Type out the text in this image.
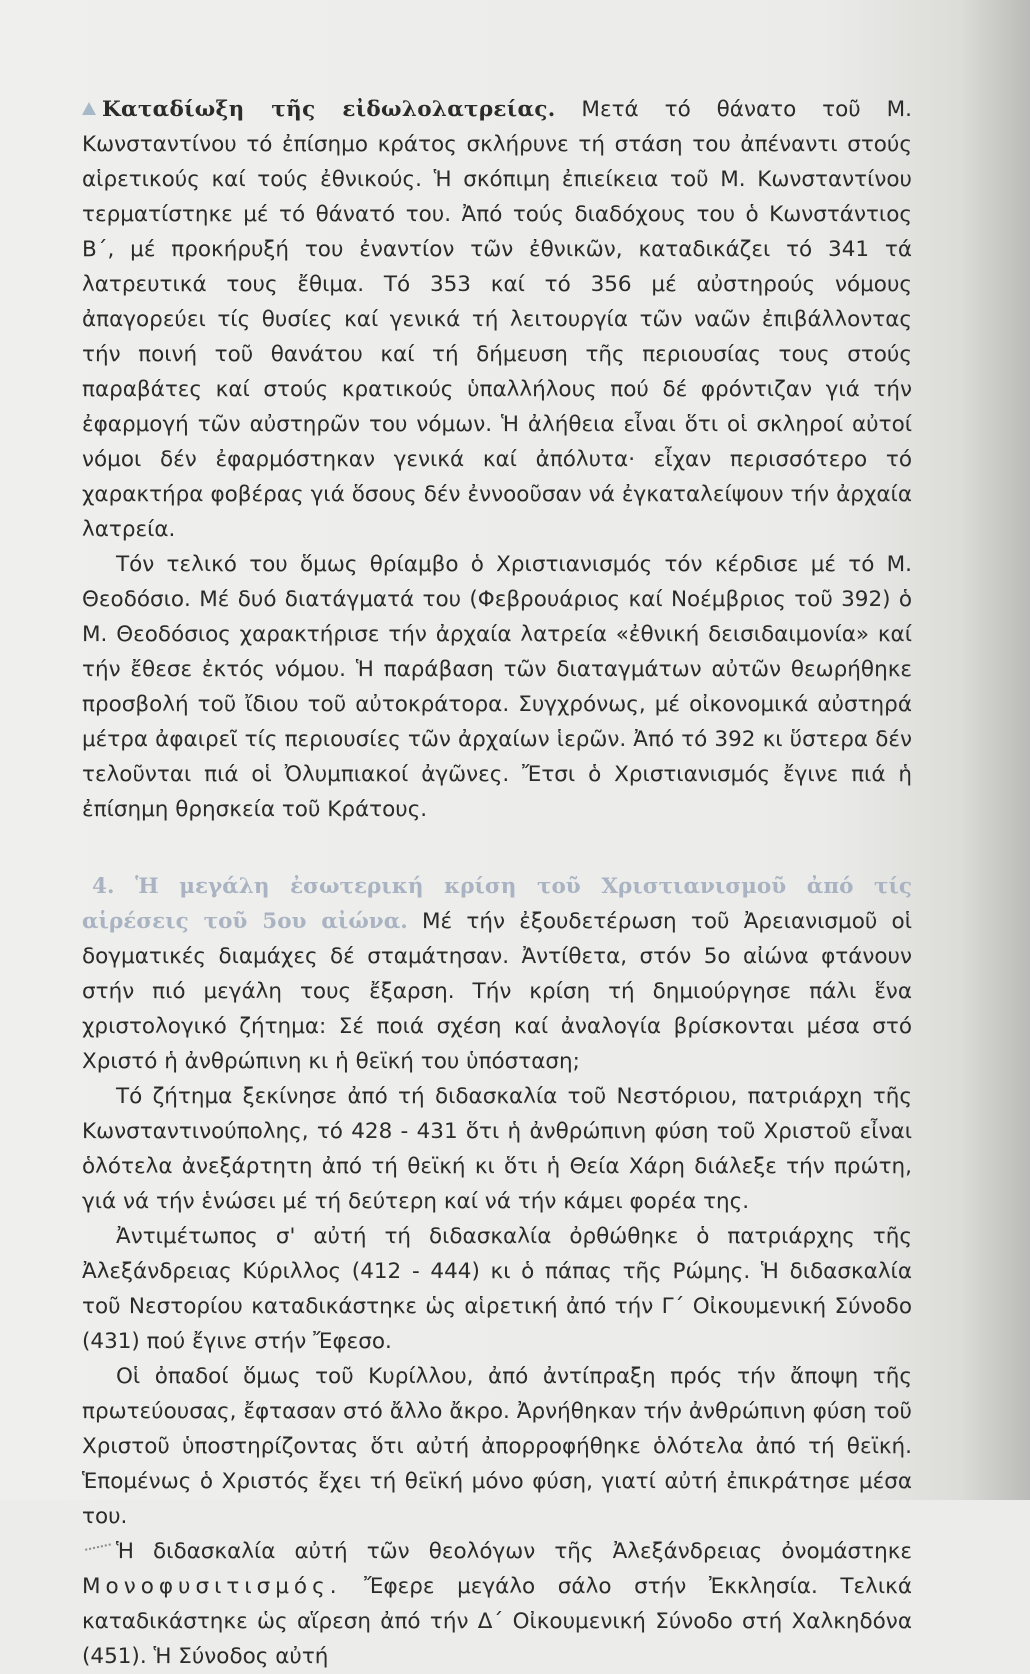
Καταδίωξη τῆς εἰδωλολατρείας. Μετά τό θάνατο τοῦ Μ. Κωνσταντίνου τό ἐπίσημο κράτος σκλήρυνε τή στάση του ἀπέναντι στούς αἱρετικούς καί τούς ἐθνικούς. Ἡ σκόπιμη ἐπιείκεια τοῦ Μ. Κωνσταντίνου τερματίστηκε μέ τό θάνατό του. Ἀπό τούς διαδόχους του ὁ Κωνστάντιος Β΄, μέ προκήρυξή του ἐναντίον τῶν ἐθνικῶν, καταδικάζει τό 341 τά λατρευτικά τους ἔθιμα. Τό 353 καί τό 356 μέ αὐστηρούς νόμους ἀπαγορεύει τίς θυσίες καί γενικά τή λειτουργία τῶν ναῶν ἐπιβάλλοντας τήν ποινή τοῦ θανάτου καί τή δήμευση τῆς περιουσίας τους στούς παραβάτες καί στούς κρατικούς ὑπαλλήλους πού δέ φρόντιζαν γιά τήν ἐφαρμογή τῶν αὐστηρῶν του νόμων. Ἡ ἀλήθεια εἶναι ὅτι οἱ σκληροί αὐτοί νόμοι δέν ἐφαρμόστηκαν γενικά καί ἀπόλυτα· εἶχαν περισσότερο τό χαρακτήρα φοβέρας γιά ὅσους δέν ἐννοοῦσαν νά ἐγκαταλείψουν τήν ἀρχαία λατρεία.

Τόν τελικό του ὅμως θρίαμβο ὁ Χριστιανισμός τόν κέρδισε μέ τό Μ. Θεοδόσιο. Μέ δυό διατάγματά του (Φεβρουάριος καί Νοέμβριος τοῦ 392) ὁ Μ. Θεοδόσιος χαρακτήρισε τήν ἀρχαία λατρεία «ἐθνική δεισιδαιμονία» καί τήν ἔθεσε ἐκτός νόμου. Ἡ παράβαση τῶν διαταγμάτων αὐτῶν θεωρήθηκε προσβολή τοῦ ἴδιου τοῦ αὐτοκράτορα. Συγχρόνως, μέ οἰκονομικά αὐστηρά μέτρα ἀφαιρεῖ τίς περιουσίες τῶν ἀρχαίων ἱερῶν. Ἀπό τό 392 κι ὕστερα δέν τελοῦνται πιά οἱ Ὀλυμπιακοί ἀγῶνες. Ἔτσι ὁ Χριστιανισμός ἔγινε πιά ἡ ἐπίσημη θρησκεία τοῦ Κράτους.

4. Ἡ μεγάλη ἐσωτερική κρίση τοῦ Χριστιανισμοῦ ἀπό τίς αἱρέσεις τοῦ 5ου αἰώνα. Μέ τήν ἐξουδετέρωση τοῦ Ἀρειανισμοῦ οἱ δογματικές διαμάχες δέ σταμάτησαν. Ἀντίθετα, στόν 5ο αἰώνα φτάνουν στήν πιό μεγάλη τους ἔξαρση. Τήν κρίση τή δημιούργησε πάλι ἕνα χριστολογικό ζήτημα: Σέ ποιά σχέση καί ἀναλογία βρίσκονται μέσα στό Χριστό ἡ ἀνθρώπινη κι ἡ θεϊκή του ὑπόσταση;

Τό ζήτημα ξεκίνησε ἀπό τή διδασκαλία τοῦ Νεστόριου, πατριάρχη τῆς Κωνσταντινούπολης, τό 428 - 431 ὅτι ἡ ἀνθρώπινη φύση τοῦ Χριστοῦ εἶναι ὁλότελα ἀνεξάρτητη ἀπό τή θεϊκή κι ὅτι ἡ Θεία Χάρη διάλεξε τήν πρώτη, γιά νά τήν ἑνώσει μέ τή δεύτερη καί νά τήν κάμει φορέα της.

Ἀντιμέτωπος σ' αὐτή τή διδασκαλία ὀρθώθηκε ὁ πατριάρχης τῆς Ἀλεξάνδρειας Κύριλλος (412 - 444) κι ὁ πάπας τῆς Ρώμης. Ἡ διδασκαλία τοῦ Νεστορίου καταδικάστηκε ὡς αἱρετική ἀπό τήν Γ΄ Οἰκουμενική Σύνοδο (431) πού ἔγινε στήν Ἔφεσο.

Οἱ ὀπαδοί ὅμως τοῦ Κυρίλλου, ἀπό ἀντίπραξη πρός τήν ἄποψη τῆς πρωτεύουσας, ἔφτασαν στό ἄλλο ἄκρο. Ἀρνήθηκαν τήν ἀνθρώπινη φύση τοῦ Χριστοῦ ὑποστηρίζοντας ὅτι αὐτή ἀπορροφήθηκε ὁλότελα ἀπό τή θεϊκή. Ἑπομένως ὁ Χριστός ἔχει τή θεϊκή μόνο φύση, γιατί αὐτή ἐπικράτησε μέσα του.

Ἡ διδασκαλία αὐτή τῶν θεολόγων τῆς Ἀλεξάνδρειας ὀνομάστηκε Μονοφυσιτισμός. Ἔφερε μεγάλο σάλο στήν Ἐκκλησία. Τελικά καταδικάστηκε ὡς αἵρεση ἀπό τήν Δ΄ Οἰκουμενική Σύνοδο στή Χαλκηδόνα (451). Ἡ Σύνοδος αὐτή
